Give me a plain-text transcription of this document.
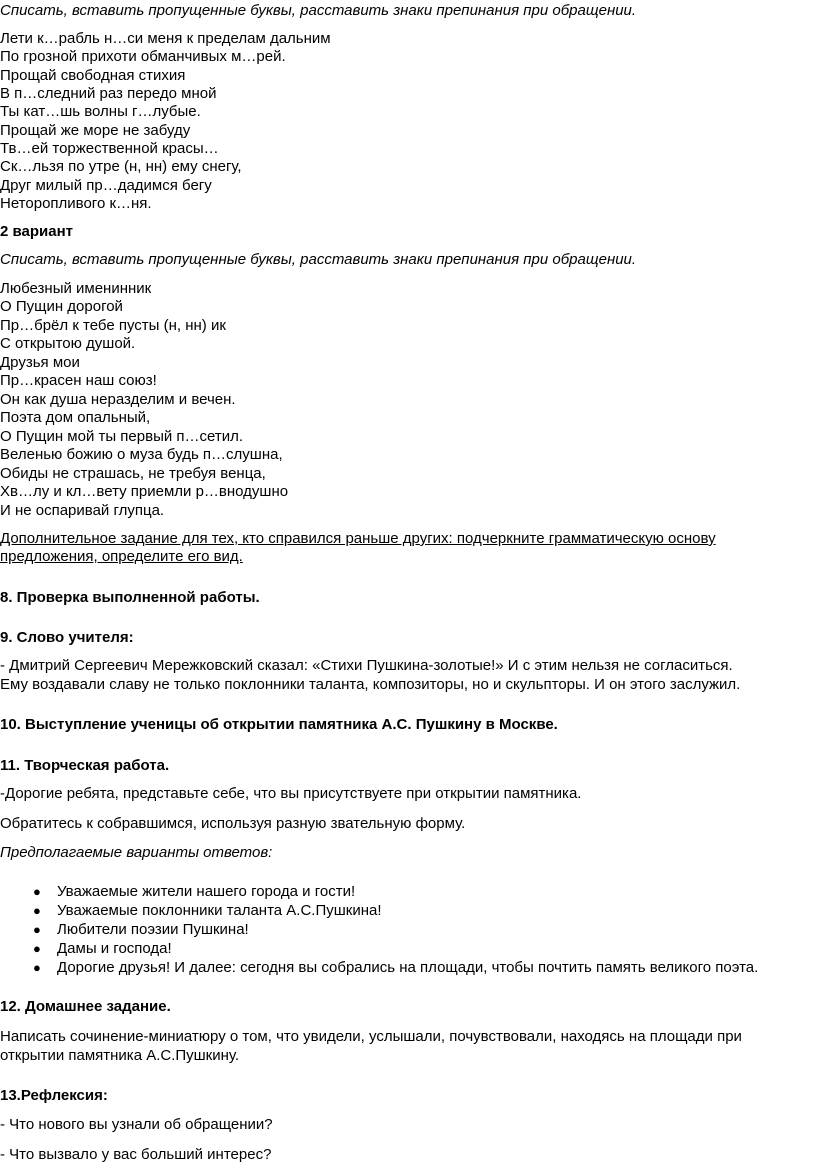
Списать, вставить пропущенные буквы, расставить знаки препинания при обращении.
Лети к…рабль н…си меня к пределам дальним
По грозной прихоти обманчивых м…рей.
Прощай свободная стихия
В п…следний раз передо мной
Ты кат…шь волны г…лубые.
Прощай же море не забуду
Тв…ей торжественной красы…
Ск…льзя по утре (н, нн) ему снегу,
Друг милый пр…дадимся бегу
Неторопливого к…ня.
2 вариант
Списать, вставить пропущенные буквы, расставить знаки препинания при обращении.
Любезный именинник
О Пущин дорогой
Пр…брёл к тебе пусты (н, нн) ик
С открытою душой.
Друзья мои
Пр…красен наш союз!
Он как душа неразделим и вечен.
Поэта дом опальный,
О Пущин мой ты первый п…сетил.
Веленью божию о муза будь п…слушна,
Обиды не страшась, не требуя венца,
Хв…лу и кл…вету приемли р…внодушно
И не оспаривай глупца.
Дополнительное задание для тех, кто справился раньше других: подчеркните грамматическую основу
предложения, определите его вид.
8. Проверка выполненной работы.
9. Слово учителя:
- Дмитрий Сергеевич Мережковский сказал: «Стихи Пушкина-золотые!» И с этим нельзя не согласиться.
Ему воздавали славу не только поклонники таланта, композиторы, но и скульпторы. И он этого заслужил.
10. Выступление ученицы об открытии памятника А.С. Пушкину в Москве.
11. Творческая работа.
-Дорогие ребята, представьте себе, что вы присутствуете при открытии памятника.
Обратитесь к собравшимся, используя разную звательную форму.
Предполагаемые варианты ответов:
● Уважаемые жители нашего города и гости!
● Уважаемые поклонники таланта А.С.Пушкина!
● Любители поэзии Пушкина!
● Дамы и господа!
● Дорогие друзья! И далее: сегодня вы собрались на площади, чтобы почтить память великого поэта.
12. Домашнее задание.
Написать сочинение-миниатюру о том, что увидели, услышали, почувствовали, находясь на площади при
открытии памятника А.С.Пушкину.
13.Рефлексия:
- Что нового вы узнали об обращении?
- Что вызвало у вас больший интерес?
